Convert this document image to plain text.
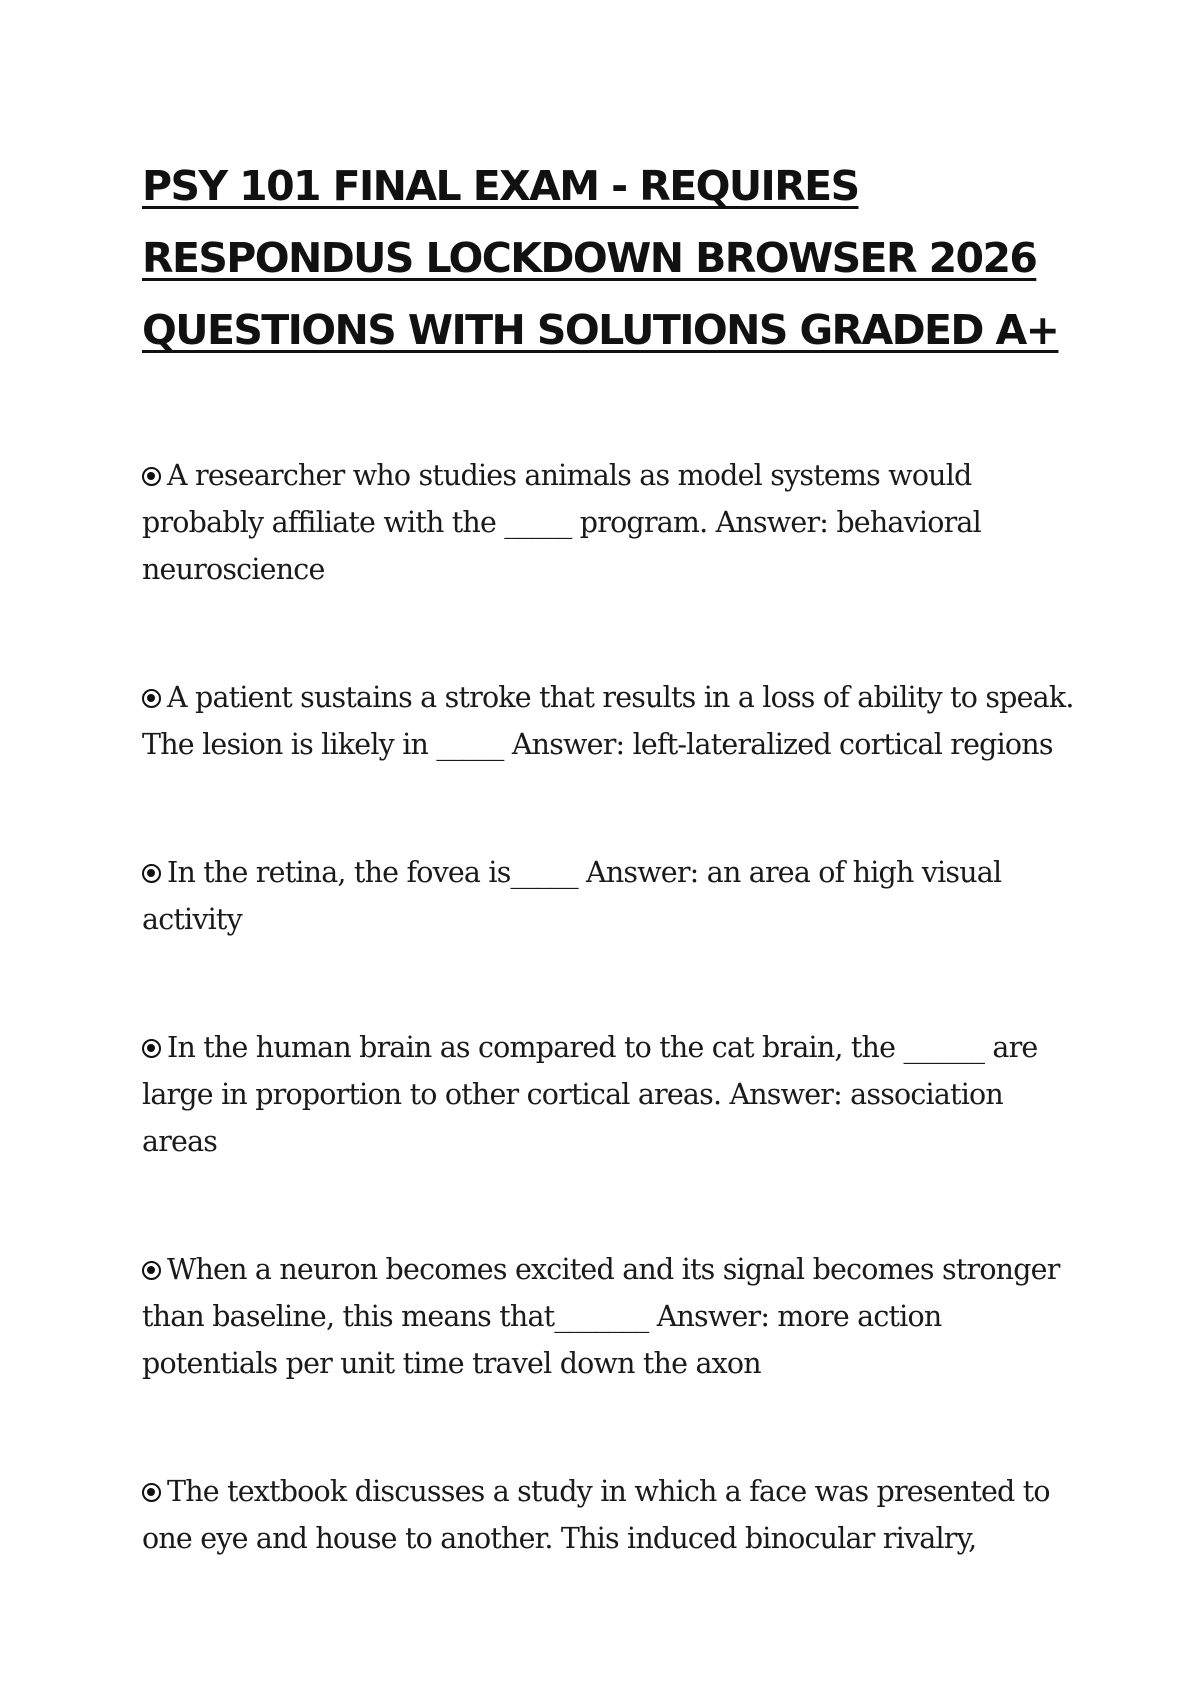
PSY 101 FINAL EXAM - REQUIRES RESPONDUS LOCKDOWN BROWSER 2026 QUESTIONS WITH SOLUTIONS GRADED A+
A researcher who studies animals as model systems would probably affiliate with the _____ program. Answer: behavioral neuroscience
A patient sustains a stroke that results in a loss of ability to speak. The lesion is likely in _____ Answer: left-lateralized cortical regions
In the retina, the fovea is_____ Answer: an area of high visual activity
In the human brain as compared to the cat brain, the ______ are large in proportion to other cortical areas. Answer: association areas
When a neuron becomes excited and its signal becomes stronger than baseline, this means that_______ Answer: more action potentials per unit time travel down the axon
The textbook discusses a study in which a face was presented to one eye and house to another. This induced binocular rivalry,
